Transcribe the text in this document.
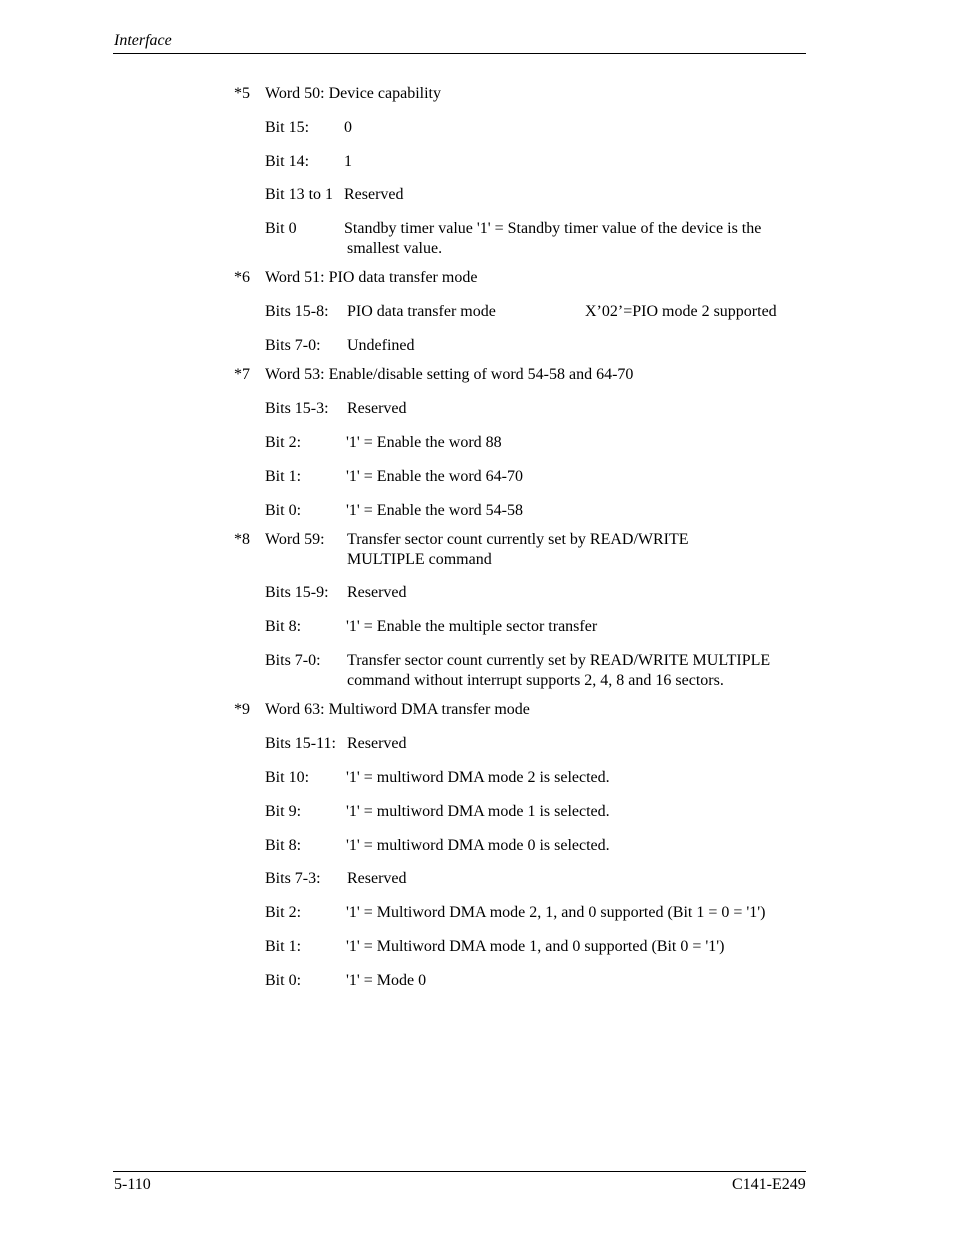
Interface
*5 Word 50: Device capability
Bit 15: 0
Bit 14: 1
Bit 13 to 1 Reserved
Bit 0	Standby timer value '1' = Standby timer value of the device is the
smallest value.
*6 Word 51: PIO data transfer mode
Bits 15-8: PIO data transfer mode	X’02’=PIO mode 2 supported
Bits 7-0: Undefined
*7 Word 53: Enable/disable setting of word 54-58 and 64-70
Bits 15-3: Reserved
Bit 2:	'1' = Enable the word 88
Bit 1:	'1' = Enable the word 64-70
Bit 0:	'1' = Enable the word 54-58
*8 Word 59: Transfer sector count currently set by READ/WRITE
MULTIPLE command
Bits 15-9: Reserved
Bit 8:	'1' = Enable the multiple sector transfer
Bits 7-0: Transfer sector count currently set by READ/WRITE MULTIPLE
command without interrupt supports 2, 4, 8 and 16 sectors.
*9 Word 63: Multiword DMA transfer mode
Bits 15-11: Reserved
Bit 10: '1' = multiword DMA mode 2 is selected.
Bit 9:	'1' = multiword DMA mode 1 is selected.
Bit 8:	'1' = multiword DMA mode 0 is selected.
Bits 7-3: Reserved
Bit 2:	'1' = Multiword DMA mode 2, 1, and 0 supported (Bit 1 = 0 = '1')
Bit 1:	'1' = Multiword DMA mode 1, and 0 supported (Bit 0 = '1')
Bit 0:	'1' = Mode 0
5-110	C141-E249
